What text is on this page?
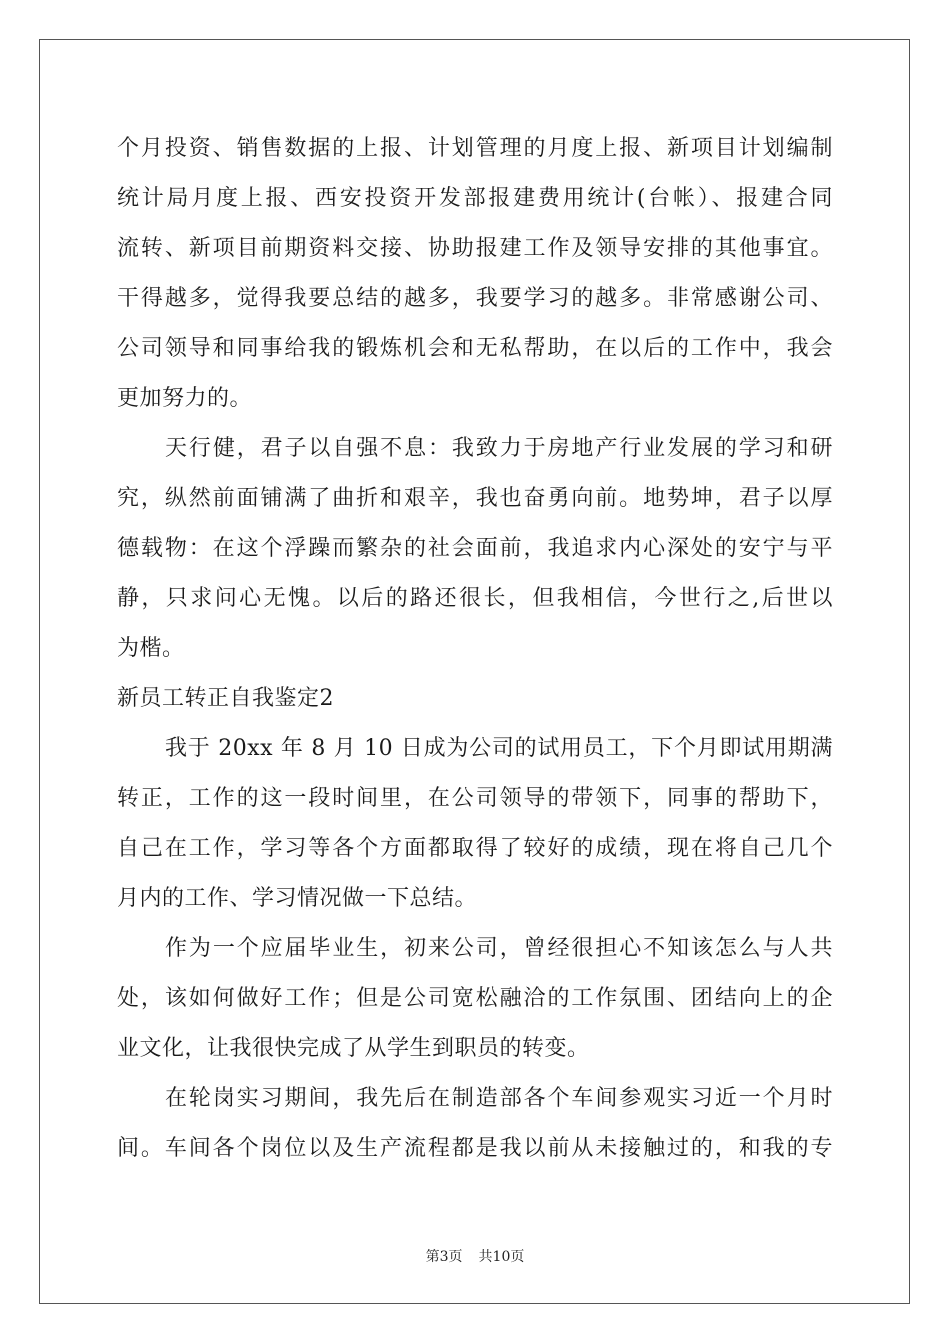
个月投资、销售数据的上报、计划管理的月度上报、新项目计划编制
统计局月度上报、西安投资开发部报建费用统计(台帐）、报建合同
流转、新项目前期资料交接、协助报建工作及领导安排的其他事宜。
干得越多，觉得我要总结的越多，我要学习的越多。非常感谢公司、
公司领导和同事给我的锻炼机会和无私帮助，在以后的工作中，我会
更加努力的。
天行健，君子以自强不息：我致力于房地产行业发展的学习和研
究，纵然前面铺满了曲折和艰辛，我也奋勇向前。地势坤，君子以厚
德载物：在这个浮躁而繁杂的社会面前，我追求内心深处的安宁与平
静，只求问心无愧。以后的路还很长，但我相信，今世行之,后世以
为楷。
新员工转正自我鉴定2
我于 20xx 年 8 月 10 日成为公司的试用员工，下个月即试用期满
转正，工作的这一段时间里，在公司领导的带领下，同事的帮助下，
自己在工作，学习等各个方面都取得了较好的成绩，现在将自己几个
月内的工作、学习情况做一下总结。
作为一个应届毕业生，初来公司，曾经很担心不知该怎么与人共
处，该如何做好工作；但是公司宽松融洽的工作氛围、团结向上的企
业文化，让我很快完成了从学生到职员的转变。
在轮岗实习期间，我先后在制造部各个车间参观实习近一个月时
间。车间各个岗位以及生产流程都是我以前从未接触过的，和我的专
第3页 共10页
